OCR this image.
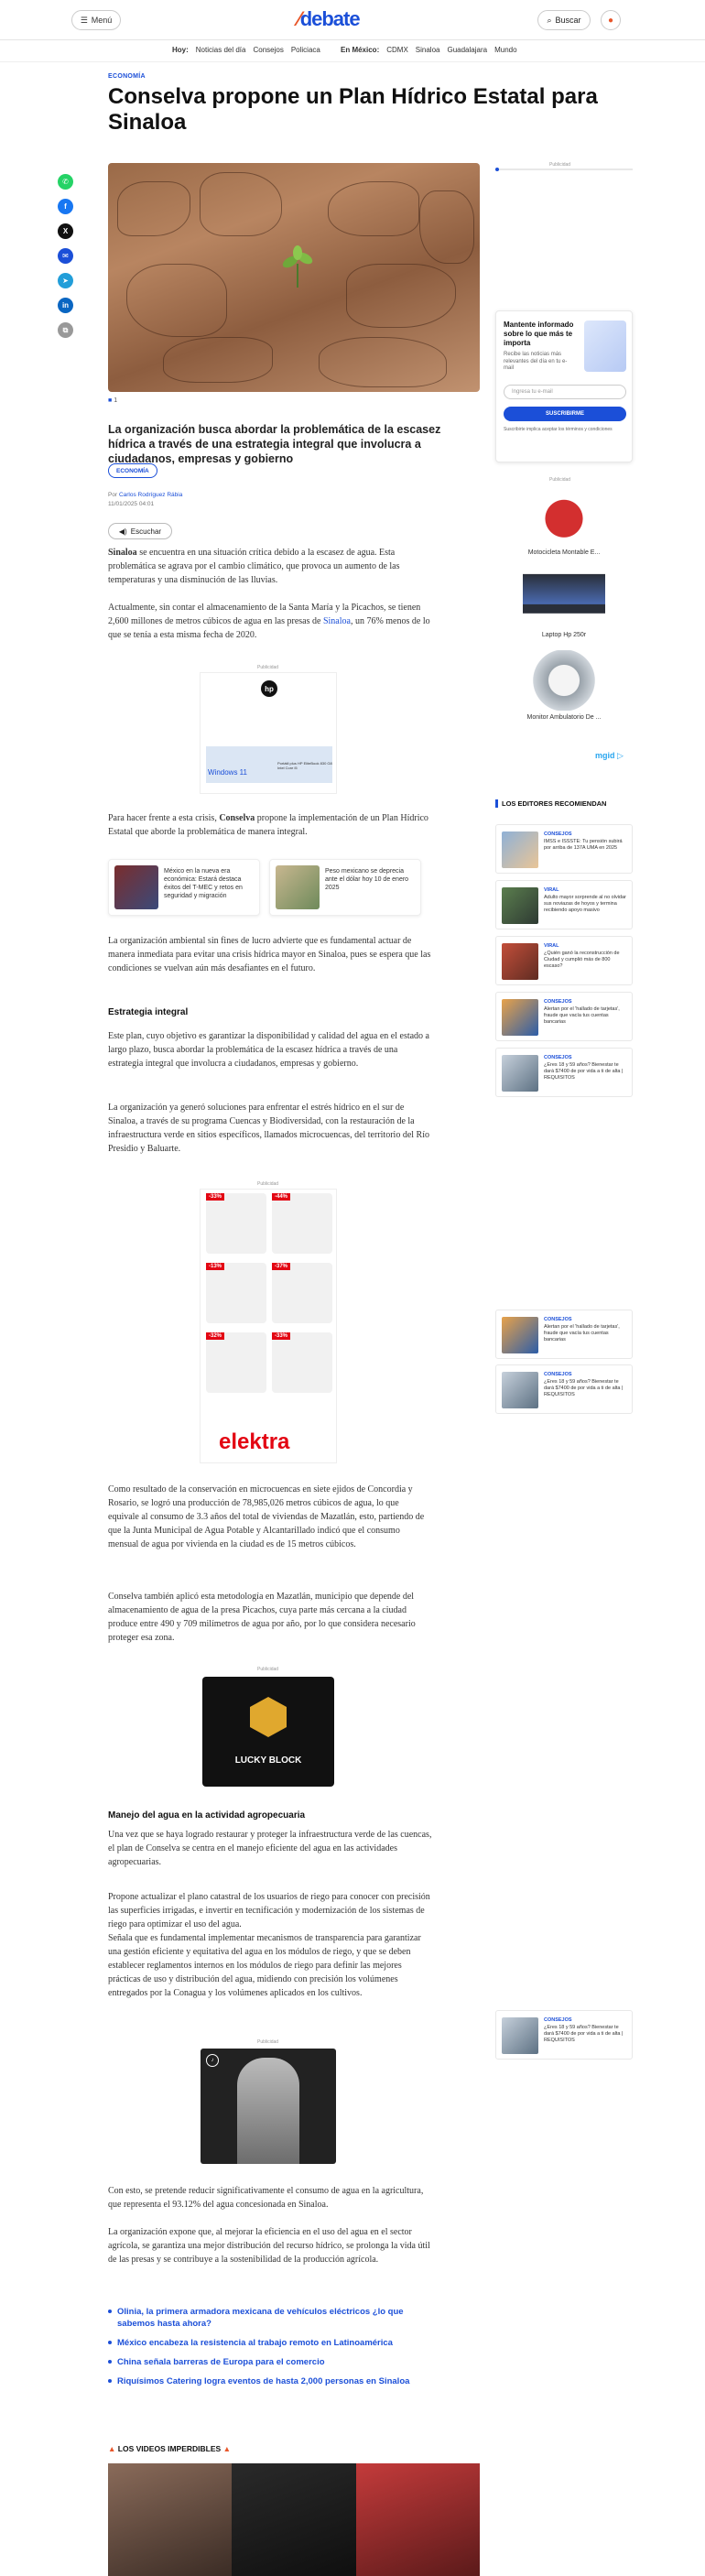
☰ Menú	⁄debate	⌕ Buscar	●
Hoy: Noticias del día Consejos Policiaca	En México: CDMX Sinaloa Guadalajara Mundo
ECONOMÍA
Conselva propone un Plan Hídrico Estatal para Sinaloa
✆
f
X
✉
➤
in
⧉
■ 1

La organización busca abordar la problemática de la escasez hídrica a través de una estrategia integral que involucra a ciudadanos, empresas y gobierno

ECONOMÍA
Por Carlos Rodríguez Rábia
11/01/2025 04:01
◀) Escuchar

Sinaloa se encuentra en una situación crítica debido a la escasez de agua. Esta problemática se agrava por el cambio climático, que provoca un aumento de las temperaturas y una disminución de las lluvias.

Actualmente, sin contar el almacenamiento de la Santa María y la Picachos, se tienen 2,600 millones de metros cúbicos de agua en las presas de Sinaloa, un 76% menos de lo que se tenía a esta misma fecha de 2020.

Publicidad
hp
Windows 11
Portátil plus HP EliteBook 830 G8 Intel Core i5

Para hacer frente a esta crisis, Conselva propone la implementación de un Plan Hídrico Estatal que aborde la problemática de manera integral.

México en la nueva era económica: Estará destaca éxitos del T-MEC y retos en seguridad y migración
Peso mexicano se deprecia ante el dólar hoy 10 de enero 2025

La organización ambiental sin fines de lucro advierte que es fundamental actuar de manera inmediata para evitar una crisis hídrica mayor en Sinaloa, pues se espera que las condiciones se vuelvan aún más desafiantes en el futuro.

Estrategia integral

Este plan, cuyo objetivo es garantizar la disponibilidad y calidad del agua en el estado a largo plazo, busca abordar la problemática de la escasez hídrica a través de una estrategia integral que involucra a ciudadanos, empresas y gobierno.

La organización ya generó soluciones para enfrentar el estrés hídrico en el sur de Sinaloa, a través de su programa Cuencas y Biodiversidad, con la restauración de la infraestructura verde en sitios específicos, llamados microcuencas, del territorio del Río Presidio y Baluarte.

Publicidad
-33%	-44%
-13%	-37%
-32%	-33%
elektra

Como resultado de la conservación en microcuencas en siete ejidos de Concordia y Rosario, se logró una producción de 78,985,026 metros cúbicos de agua, lo que equivale al consumo de 3.3 años del total de viviendas de Mazatlán, esto, partiendo de que la Junta Municipal de Agua Potable y Alcantarillado indicó que el consumo mensual de agua por vivienda en la ciudad es de 15 metros cúbicos.

Conselva también aplicó esta metodología en Mazatlán, municipio que depende del almacenamiento de agua de la presa Picachos, cuya parte más cercana a la ciudad produce entre 490 y 709 milímetros de agua por año, por lo que considera necesario proteger esa zona.

Publicidad
LUCKY BLOCK
Manejo del agua en la actividad agropecuaria

Una vez que se haya logrado restaurar y proteger la infraestructura verde de las cuencas, el plan de Conselva se centra en el manejo eficiente del agua en las actividades agropecuarias.

Propone actualizar el plano catastral de los usuarios de riego para conocer con precisión las superficies irrigadas, e invertir en tecnificación y modernización de los sistemas de riego para optimizar el uso del agua.

Señala que es fundamental implementar mecanismos de transparencia para garantizar una gestión eficiente y equitativa del agua en los módulos de riego, y que se deben establecer reglamentos internos en los módulos de riego para definir las mejores prácticas de uso y distribución del agua, midiendo con precisión los volúmenes entregados por la Conagua y los volúmenes aplicados en los cultivos.

Publicidad
♪

Con esto, se pretende reducir significativamente el consumo de agua en la agricultura, que representa el 93.12% del agua concesionada en Sinaloa.

La organización expone que, al mejorar la eficiencia en el uso del agua en el sector agrícola, se garantiza una mejor distribución del recurso hídrico, se prolonga la vida útil de las presas y se contribuye a la sostenibilidad de la producción agrícola.

Olinia, la primera armadora mexicana de vehículos eléctricos ¿lo que sabemos hasta ahora?
México encabeza la resistencia al trabajo remoto en Latinoamérica
China señala barreras de Europa para el comercio
Riquísimos Catering logra eventos de hasta 2,000 personas en Sinaloa
▲ LOS VIDEOS IMPERDIBLES ▲
Publicidad
Mantente informado sobre lo que más te importa
Recibe las noticias más relevantes del día en tu e-mail
Ingresa tu e-mail
SUSCRIBIRME
Suscribirte implica aceptar los términos y condiciones
Publicidad
Motocicleta Montable E...
Laptop Hp 250r
Monitor Ambulatorio De ...
mgid ▷
LOS EDITORES RECOMIENDAN
CONSEJOS
IMSS e ISSSTE: Tu pensión subirá por arriba de 137A UMA en 2025
VIRAL
Adulto mayor sorprende al no olvidar sus noviazas de hoyos y termina recibiendo apoyo masivo
VIRAL
¿Quién ganó la reconstrucción de Ciudad y cumplió más de 800 escaso?
CONSEJOS
Alertan por el 'hallado de tarjetas', fraude que vacía tus cuentas bancarias
CONSEJOS
¿Eres 18 y 59 años? Bienestar te dará $7400 de por vida a ti de alta | REQUISITOS
CONSEJOS
Alertan por el 'hallado de tarjetas', fraude que vacía tus cuentas bancarias
CONSEJOS
¿Eres 18 y 59 años? Bienestar te dará $7400 de por vida a ti de alta | REQUISITOS
CONSEJOS
¿Eres 18 y 59 años? Bienestar te dará $7400 de por vida a ti de alta | REQUISITOS
